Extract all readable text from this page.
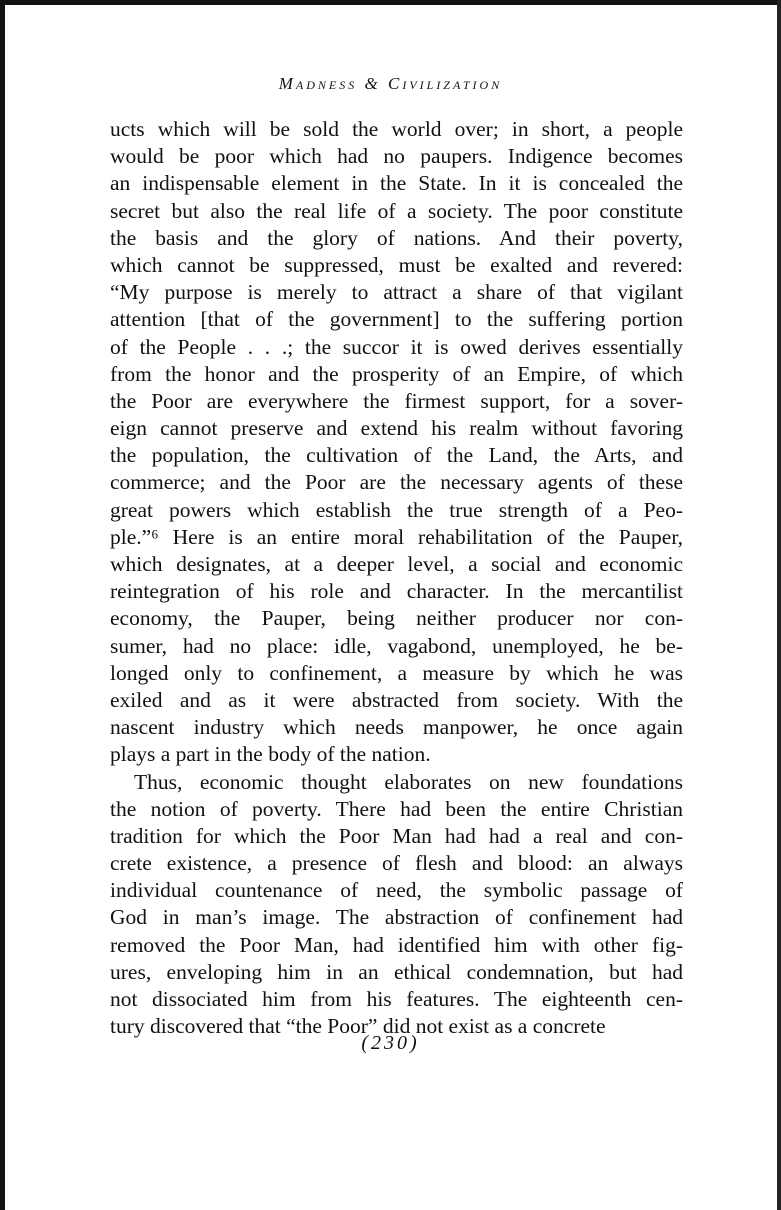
Madness & Civilization
ucts which will be sold the world over; in short, a people
would be poor which had no paupers. Indigence becomes
an indispensable element in the State. In it is concealed the
secret but also the real life of a society. The poor constitute
the basis and the glory of nations. And their poverty,
which cannot be suppressed, must be exalted and revered:
“My purpose is merely to attract a share of that vigilant
attention [that of the government] to the suffering portion
of the People . . .; the succor it is owed derives essentially
from the honor and the prosperity of an Empire, of which
the Poor are everywhere the firmest support, for a sover-
eign cannot preserve and extend his realm without favoring
the population, the cultivation of the Land, the Arts, and
commerce; and the Poor are the necessary agents of these
great powers which establish the true strength of a Peo-
ple.”⁶ Here is an entire moral rehabilitation of the Pauper,
which designates, at a deeper level, a social and economic
reintegration of his role and character. In the mercantilist
economy, the Pauper, being neither producer nor con-
sumer, had no place: idle, vagabond, unemployed, he be-
longed only to confinement, a measure by which he was
exiled and as it were abstracted from society. With the
nascent industry which needs manpower, he once again
plays a part in the body of the nation.
Thus, economic thought elaborates on new foundations
the notion of poverty. There had been the entire Christian
tradition for which the Poor Man had had a real and con-
crete existence, a presence of flesh and blood: an always
individual countenance of need, the symbolic passage of
God in man’s image. The abstraction of confinement had
removed the Poor Man, had identified him with other fig-
ures, enveloping him in an ethical condemnation, but had
not dissociated him from his features. The eighteenth cen-
tury discovered that “the Poor” did not exist as a concrete
(230)
